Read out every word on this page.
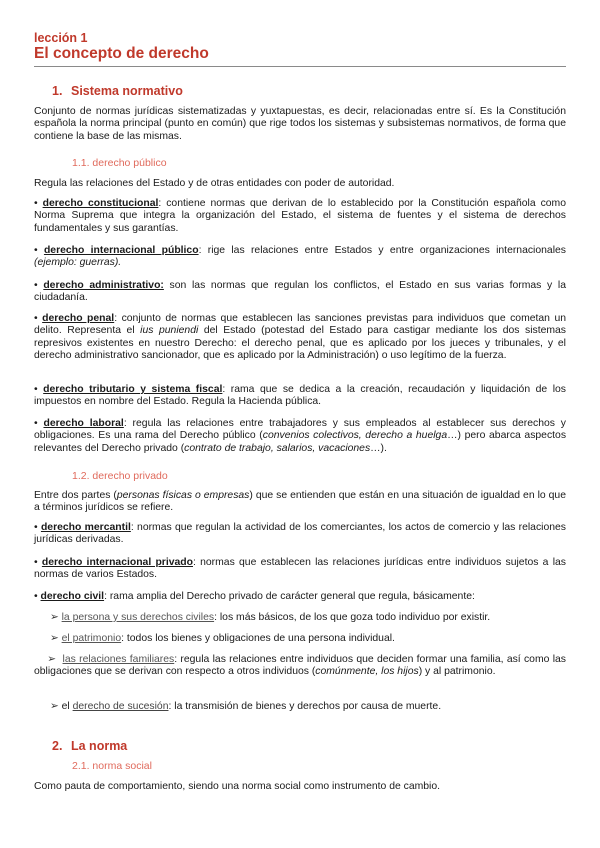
lección 1
El concepto de derecho
1. Sistema normativo
Conjunto de normas jurídicas sistematizadas y yuxtapuestas, es decir, relacionadas entre sí. Es la Constitución española la norma principal (punto en común) que rige todos los sistemas y subsistemas normativos, de forma que contiene la base de las mismas.
1.1. derecho público
Regula las relaciones del Estado y de otras entidades con poder de autoridad.
• derecho constitucional: contiene normas que derivan de lo establecido por la Constitución española como Norma Suprema que integra la organización del Estado, el sistema de fuentes y el sistema de derechos fundamentales y sus garantías.
• derecho internacional público: rige las relaciones entre Estados y entre organizaciones internacionales (ejemplo: guerras).
• derecho administrativo: son las normas que regulan los conflictos, el Estado en sus varias formas y la ciudadanía.
• derecho penal: conjunto de normas que establecen las sanciones previstas para individuos que cometan un delito. Representa el ius puniendi del Estado (potestad del Estado para castigar mediante los dos sistemas represivos existentes en nuestro Derecho: el derecho penal, que es aplicado por los jueces y tribunales, y el derecho administrativo sancionador, que es aplicado por la Administración) o uso legítimo de la fuerza.
• derecho tributario y sistema fiscal: rama que se dedica a la creación, recaudación y liquidación de los impuestos en nombre del Estado. Regula la Hacienda pública.
• derecho laboral: regula las relaciones entre trabajadores y sus empleados al establecer sus derechos y obligaciones. Es una rama del Derecho público (convenios colectivos, derecho a huelga…) pero abarca aspectos relevantes del Derecho privado (contrato de trabajo, salarios, vacaciones…).
1.2. derecho privado
Entre dos partes (personas físicas o empresas) que se entienden que están en una situación de igualdad en lo que a términos jurídicos se refiere.
• derecho mercantil: normas que regulan la actividad de los comerciantes, los actos de comercio y las relaciones jurídicas derivadas.
• derecho internacional privado: normas que establecen las relaciones jurídicas entre individuos sujetos a las normas de varios Estados.
• derecho civil: rama amplia del Derecho privado de carácter general que regula, básicamente:
➢ la persona y sus derechos civiles: los más básicos, de los que goza todo individuo por existir.
➢ el patrimonio: todos los bienes y obligaciones de una persona individual.
➢ las relaciones familiares: regula las relaciones entre individuos que deciden formar una familia, así como las obligaciones que se derivan con respecto a otros individuos (comúnmente, los hijos) y al patrimonio.
➢ el derecho de sucesión: la transmisión de bienes y derechos por causa de muerte.
2. La norma
2.1. norma social
Como pauta de comportamiento, siendo una norma social como instrumento de cambio.
